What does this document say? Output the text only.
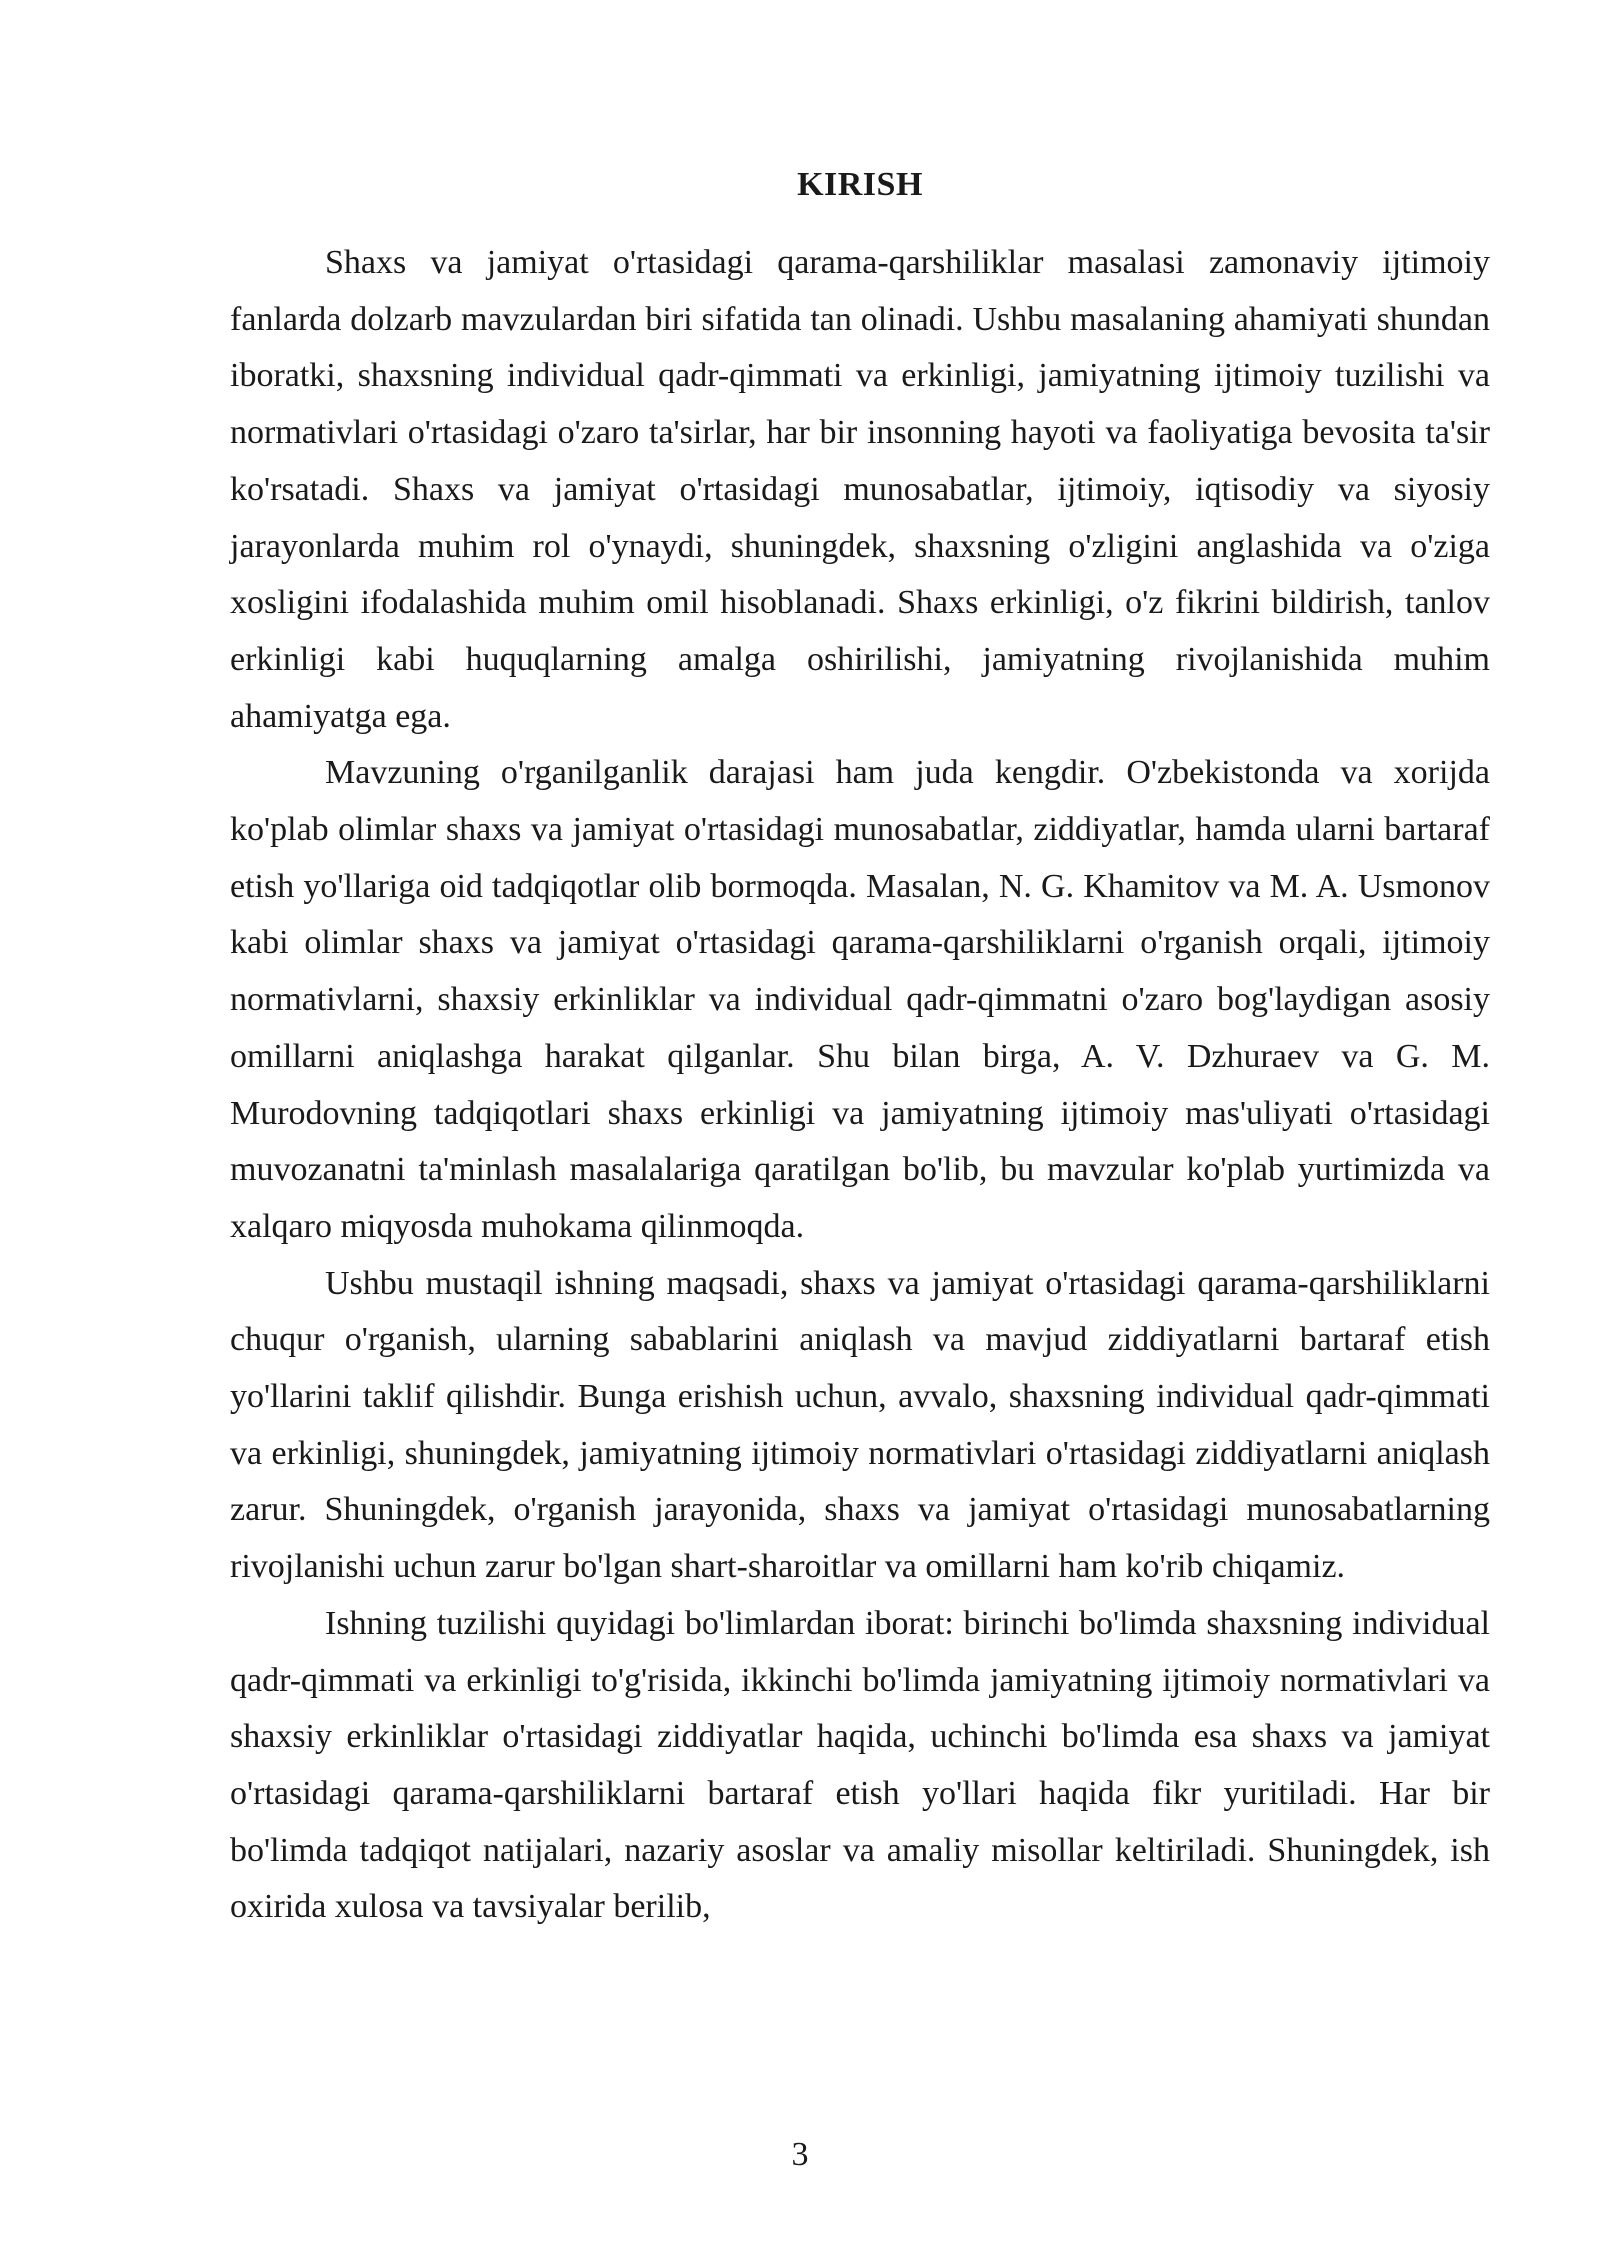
KIRISH

Shaxs va jamiyat o'rtasidagi qarama-qarshiliklar masalasi zamonaviy ijtimoiy fanlarda dolzarb mavzulardan biri sifatida tan olinadi. Ushbu masalaning ahamiyati shundan iboratki, shaxsning individual qadr-qimmati va erkinligi, jamiyatning ijtimoiy tuzilishi va normativlari o'rtasidagi o'zaro ta'sirlar, har bir insonning hayoti va faoliyatiga bevosita ta'sir ko'rsatadi. Shaxs va jamiyat o'rtasidagi munosabatlar, ijtimoiy, iqtisodiy va siyosiy jarayonlarda muhim rol o'ynaydi, shuningdek, shaxsning o'zligini anglashida va o'ziga xosligini ifodalashida muhim omil hisoblanadi. Shaxs erkinligi, o'z fikrini bildirish, tanlov erkinligi kabi huquqlarning amalga oshirilishi, jamiyatning rivojlanishida muhim ahamiyatga ega.

Mavzuning o'rganilganlik darajasi ham juda kengdir. O'zbekistonda va xorijda ko'plab olimlar shaxs va jamiyat o'rtasidagi munosabatlar, ziddiyatlar, hamda ularni bartaraf etish yo'llariga oid tadqiqotlar olib bormoqda. Masalan, N. G. Khamitov va M. A. Usmonov kabi olimlar shaxs va jamiyat o'rtasidagi qarama-qarshiliklarni o'rganish orqali, ijtimoiy normativlarni, shaxsiy erkinliklar va individual qadr-qimmatni o'zaro bog'laydigan asosiy omillarni aniqlashga harakat qilganlar. Shu bilan birga, A. V. Dzhuraev va G. M. Murodovning tadqiqotlari shaxs erkinligi va jamiyatning ijtimoiy mas'uliyati o'rtasidagi muvozanatni ta'minlash masalalariga qaratilgan bo'lib, bu mavzular ko'plab yurtimizda va xalqaro miqyosda muhokama qilinmoqda.

Ushbu mustaqil ishning maqsadi, shaxs va jamiyat o'rtasidagi qarama-qarshiliklarni chuqur o'rganish, ularning sabablarini aniqlash va mavjud ziddiyatlarni bartaraf etish yo'llarini taklif qilishdir. Bunga erishish uchun, avvalo, shaxsning individual qadr-qimmati va erkinligi, shuningdek, jamiyatning ijtimoiy normativlari o'rtasidagi ziddiyatlarni aniqlash zarur. Shuningdek, o'rganish jarayonida, shaxs va jamiyat o'rtasidagi munosabatlarning rivojlanishi uchun zarur bo'lgan shart-sharoitlar va omillarni ham ko'rib chiqamiz.

Ishning tuzilishi quyidagi bo'limlardan iborat: birinchi bo'limda shaxsning individual qadr-qimmati va erkinligi to'g'risida, ikkinchi bo'limda jamiyatning ijtimoiy normativlari va shaxsiy erkinliklar o'rtasidagi ziddiyatlar haqida, uchinchi bo'limda esa shaxs va jamiyat o'rtasidagi qarama-qarshiliklarni bartaraf etish yo'llari haqida fikr yuritiladi. Har bir bo'limda tadqiqot natijalari, nazariy asoslar va amaliy misollar keltiriladi. Shuningdek, ish oxirida xulosa va tavsiyalar berilib,

3
